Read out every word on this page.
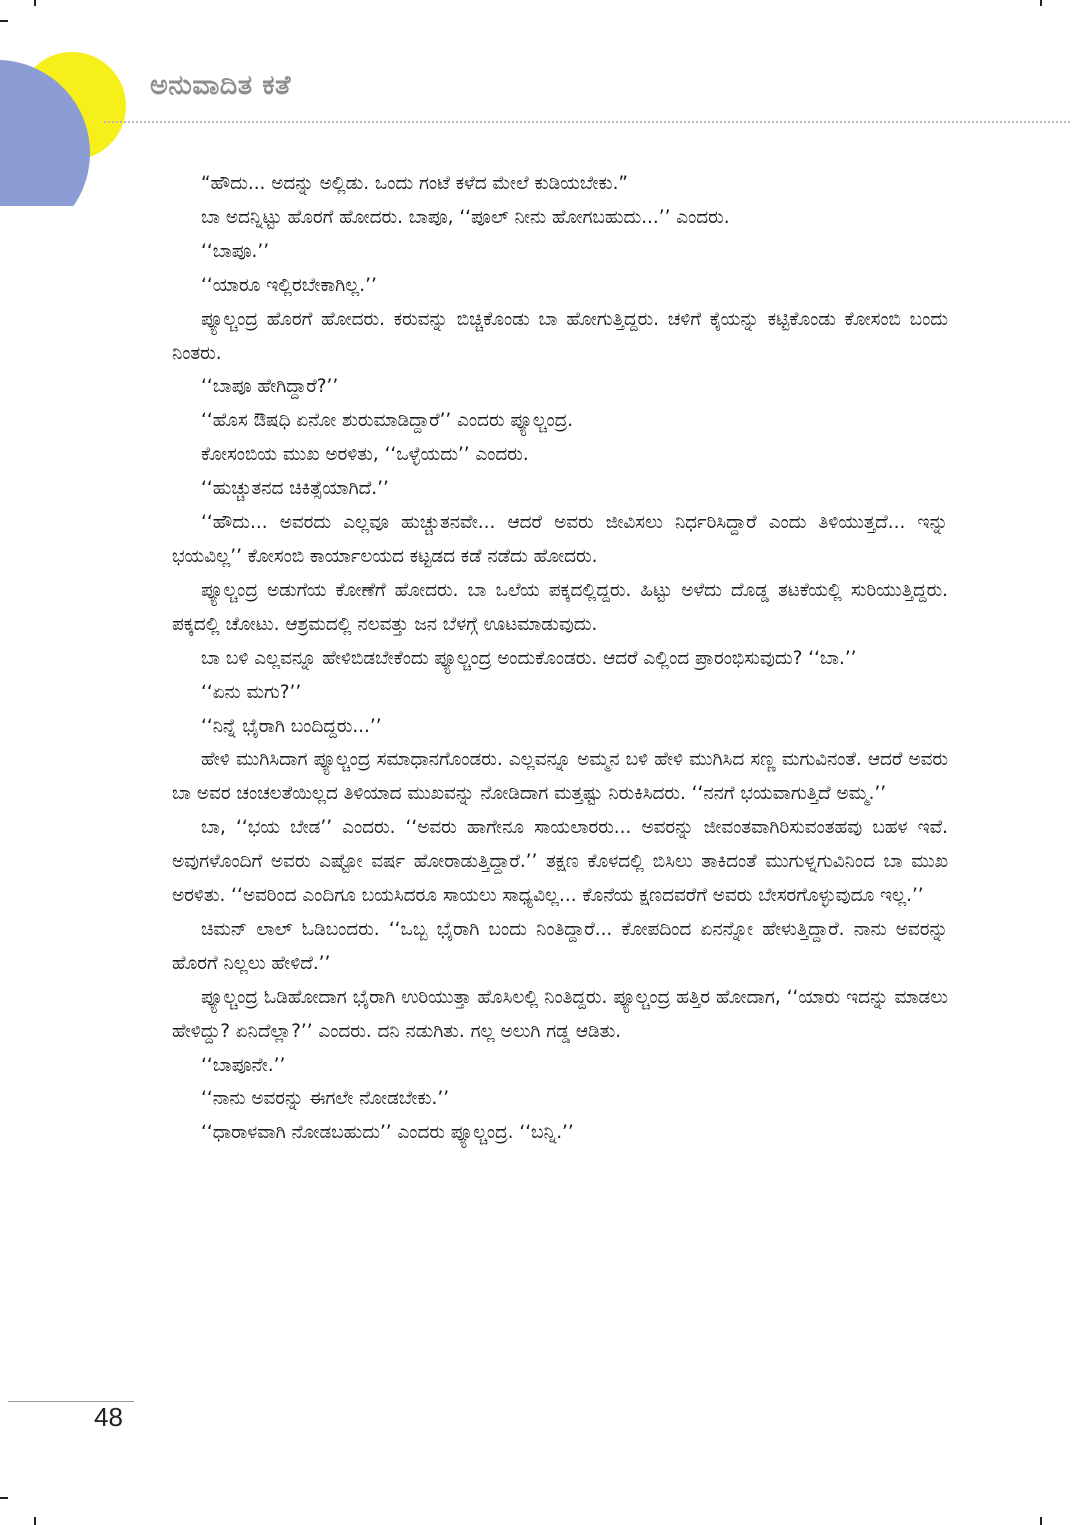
ಅನುವಾದಿತ ಕತೆ

“ಹೌದು... ಅದನ್ನು ಅಲ್ಲಿಡು. ಒಂದು ಗಂಟೆ ಕಳೆದ ಮೇಲೆ ಕುಡಿಯಬೇಕು.”

ಬಾ ಅದನ್ನಿಟ್ಟು ಹೊರಗೆ ಹೋದರು. ಬಾಪೂ, ‘‘ಪೂಲ್ ನೀನು ಹೋಗಬಹುದು...’’ ಎಂದರು.

‘‘ಬಾಪೂ.’’

‘‘ಯಾರೂ ಇಲ್ಲಿರಬೇಕಾಗಿಲ್ಲ.’’

ಪ್ಯೂಲ್ಚಂದ್ರ ಹೊರಗೆ ಹೋದರು. ಕರುವನ್ನು ಬಿಚ್ಚಿಕೊಂಡು ಬಾ ಹೋಗುತ್ತಿದ್ದರು. ಚಳಿಗೆ ಕೈಯನ್ನು ಕಟ್ಟಿಕೊಂಡು ಕೋಸಂಬಿ ಬಂದು ನಿಂತರು.

‘‘ಬಾಪೂ ಹೇಗಿದ್ದಾರೆ?’’

‘‘ಹೊಸ ಔಷಧಿ ಏನೋ ಶುರುಮಾಡಿದ್ದಾರೆ’’ ಎಂದರು ಪ್ಯೂಲ್ಚಂದ್ರ.

ಕೋಸಂಬಿಯ ಮುಖ ಅರಳಿತು, ‘‘ಒಳ್ಳೆಯದು’’ ಎಂದರು.

‘‘ಹುಚ್ಚುತನದ ಚಿಕಿತ್ಸೆಯಾಗಿದೆ.’’

‘‘ಹೌದು... ಅವರದು ಎಲ್ಲವೂ ಹುಚ್ಚುತನವೇ... ಆದರೆ ಅವರು ಜೀವಿಸಲು ನಿರ್ಧರಿಸಿದ್ದಾರೆ ಎಂದು ತಿಳಿಯುತ್ತದೆ... ಇನ್ನು ಭಯವಿಲ್ಲ’’ ಕೋಸಂಬಿ ಕಾರ್ಯಾಲಯದ ಕಟ್ಟಡದ ಕಡೆ ನಡೆದು ಹೋದರು.

ಪ್ಯೂಲ್ಚಂದ್ರ ಅಡುಗೆಯ ಕೋಣೆಗೆ ಹೋದರು. ಬಾ ಒಲೆಯ ಪಕ್ಕದಲ್ಲಿದ್ದರು. ಹಿಟ್ಟು ಅಳೆದು ದೊಡ್ಡ ತಟಕೆಯಲ್ಲಿ ಸುರಿಯುತ್ತಿದ್ದರು. ಪಕ್ಕದಲ್ಲಿ ಚೋಟು. ಆಶ್ರಮದಲ್ಲಿ ನಲವತ್ತು ಜನ ಬೆಳಗ್ಗೆ ಊಟಮಾಡುವುದು.

ಬಾ ಬಳಿ ಎಲ್ಲವನ್ನೂ ಹೇಳಿಬಿಡಬೇಕೆಂದು ಪ್ಯೂಲ್ಚಂದ್ರ ಅಂದುಕೊಂಡರು. ಆದರೆ ಎಲ್ಲಿಂದ ಪ್ರಾರಂಭಿಸುವುದು? ‘‘ಬಾ.’’

‘‘ಏನು ಮಗು?’’

‘‘ನಿನ್ನೆ ಭೈರಾಗಿ ಬಂದಿದ್ದರು...’’

ಹೇಳಿ ಮುಗಿಸಿದಾಗ ಪ್ಯೂಲ್ಚಂದ್ರ ಸಮಾಧಾನಗೊಂಡರು. ಎಲ್ಲವನ್ನೂ ಅಮ್ಮನ ಬಳಿ ಹೇಳಿ ಮುಗಿಸಿದ ಸಣ್ಣ ಮಗುವಿನಂತೆ. ಆದರೆ ಅವರು ಬಾ ಅವರ ಚಂಚಲತೆಯಿಲ್ಲದ ತಿಳಿಯಾದ ಮುಖವನ್ನು ನೋಡಿದಾಗ ಮತ್ತಷ್ಟು ನಿರುಕಿಸಿದರು. ‘‘ನನಗೆ ಭಯವಾಗುತ್ತಿದೆ ಅಮ್ಮ.’’

ಬಾ, ‘‘ಭಯ ಬೇಡ’’ ಎಂದರು. ‘‘ಅವರು ಹಾಗೇನೂ ಸಾಯಲಾರರು... ಅವರನ್ನು ಜೀವಂತವಾಗಿರಿಸುವಂತಹವು ಬಹಳ ಇವೆ. ಅವುಗಳೊಂದಿಗೆ ಅವರು ಎಷ್ಟೋ ವರ್ಷ ಹೋರಾಡುತ್ತಿದ್ದಾರೆ.’’ ತಕ್ಷಣ ಕೊಳದಲ್ಲಿ ಬಿಸಿಲು ತಾಕಿದಂತೆ ಮುಗುಳ್ನಗುವಿನಿಂದ ಬಾ ಮುಖ ಅರಳಿತು. ‘‘ಅವರಿಂದ ಎಂದಿಗೂ ಬಯಸಿದರೂ ಸಾಯಲು ಸಾಧ್ಯವಿಲ್ಲ... ಕೊನೆಯ ಕ್ಷಣದವರೆಗೆ ಅವರು ಬೇಸರಗೊಳ್ಳುವುದೂ ಇಲ್ಲ.’’

ಚಿಮನ್ ಲಾಲ್ ಓಡಿಬಂದರು. ‘‘ಒಬ್ಬ ಭೈರಾಗಿ ಬಂದು ನಿಂತಿದ್ದಾರೆ... ಕೋಪದಿಂದ ಏನನ್ನೋ ಹೇಳುತ್ತಿದ್ದಾರೆ. ನಾನು ಅವರನ್ನು ಹೊರಗೆ ನಿಲ್ಲಲು ಹೇಳಿದೆ.’’

ಪ್ಯೂಲ್ಚಂದ್ರ ಓಡಿಹೋದಾಗ ಭೈರಾಗಿ ಉರಿಯುತ್ತಾ ಹೊಸಿಲಲ್ಲಿ ನಿಂತಿದ್ದರು. ಪ್ಯೂಲ್ಚಂದ್ರ ಹತ್ತಿರ ಹೋದಾಗ, ‘‘ಯಾರು ಇದನ್ನು ಮಾಡಲು ಹೇಳಿದ್ದು? ಏನಿದೆಲ್ಲಾ?’’ ಎಂದರು. ದನಿ ನಡುಗಿತು. ಗಲ್ಲ ಅಲುಗಿ ಗಡ್ಡ ಆಡಿತು.

‘‘ಬಾಪೂನೇ.’’

‘‘ನಾನು ಅವರನ್ನು ಈಗಲೇ ನೋಡಬೇಕು.’’

‘‘ಧಾರಾಳವಾಗಿ ನೋಡಬಹುದು’’ ಎಂದರು ಪ್ಯೂಲ್ಚಂದ್ರ. ‘‘ಬನ್ನಿ.’’

48
